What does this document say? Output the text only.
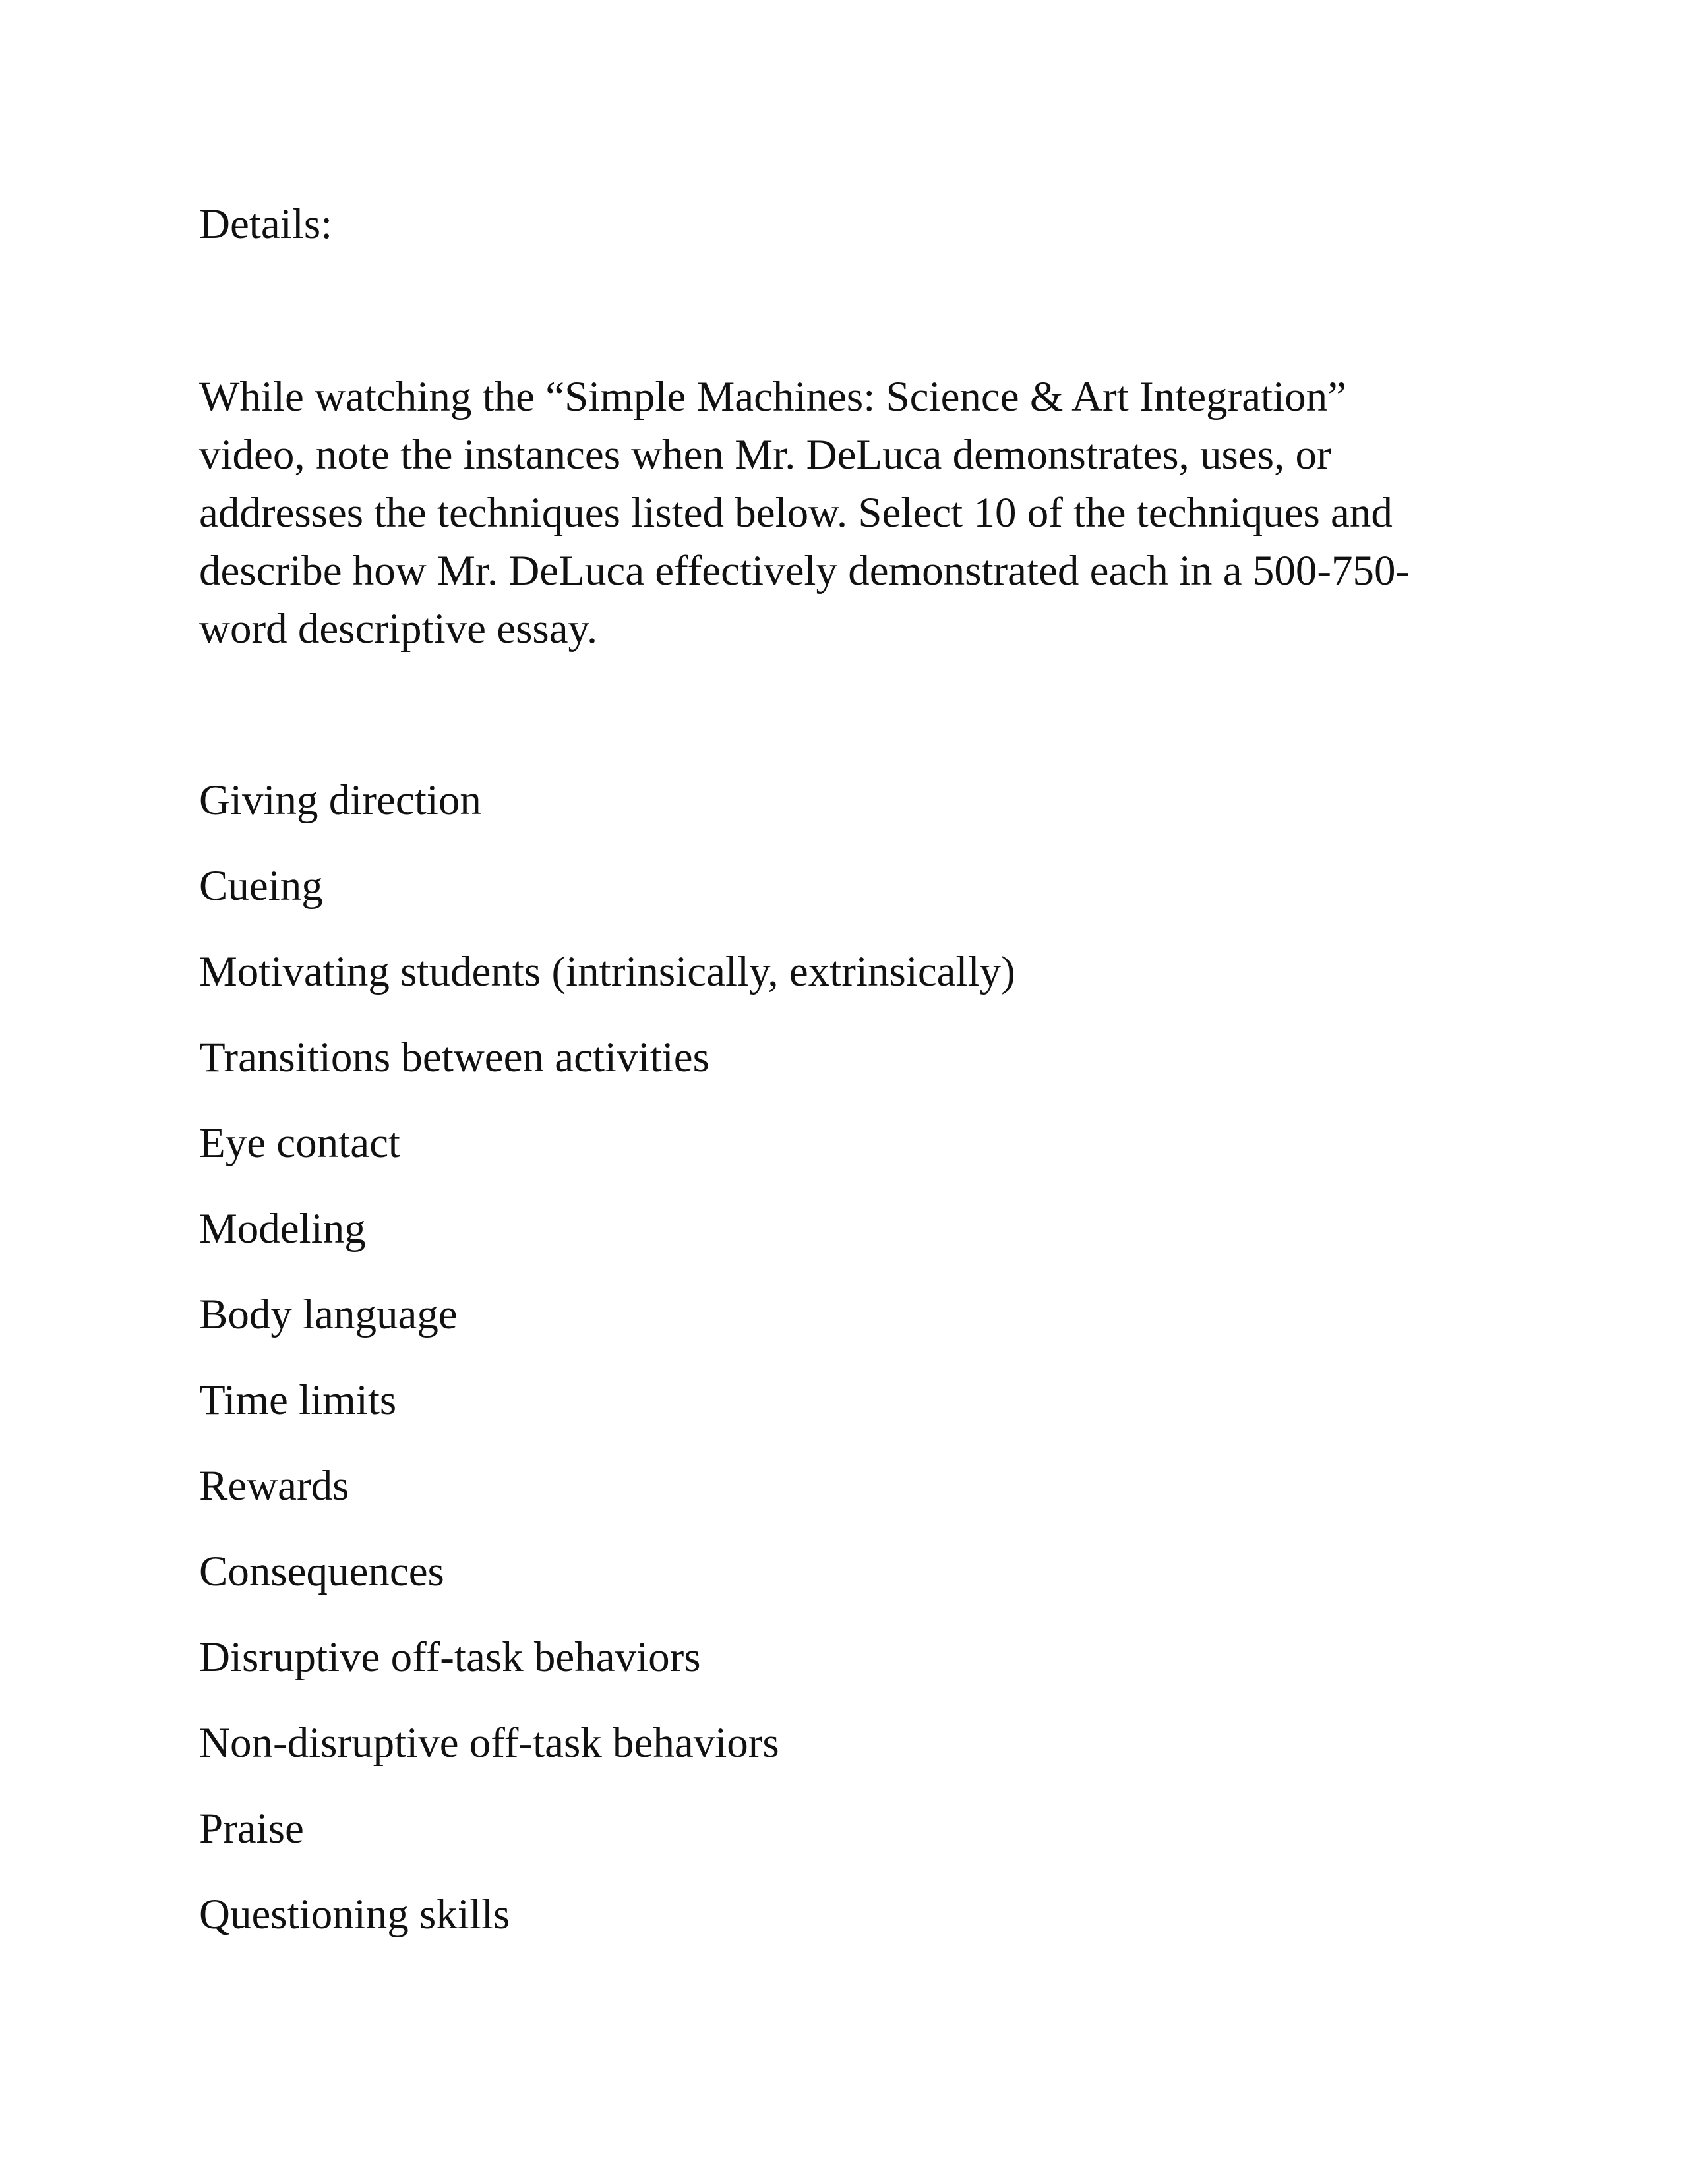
Details:

While watching the “Simple Machines: Science & Art Integration”
video, note the instances when Mr. DeLuca demonstrates, uses, or
addresses the techniques listed below. Select 10 of the techniques and
describe how Mr. DeLuca effectively demonstrated each in a 500-750-
word descriptive essay.

Giving direction
Cueing
Motivating students (intrinsically, extrinsically)
Transitions between activities
Eye contact
Modeling
Body language
Time limits
Rewards
Consequences
Disruptive off-task behaviors
Non-disruptive off-task behaviors
Praise
Questioning skills
